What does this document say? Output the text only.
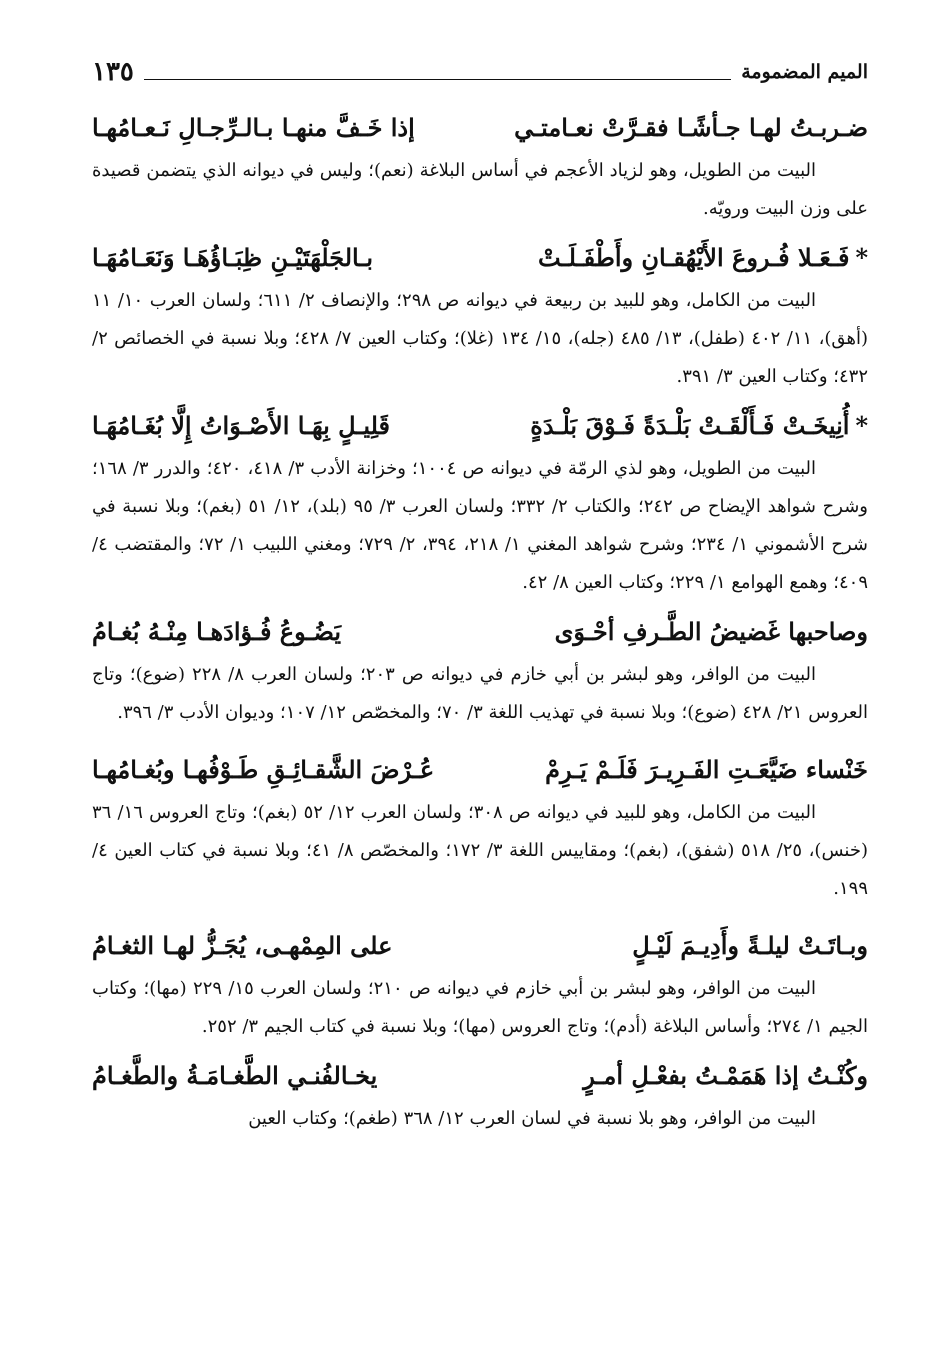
الميم المضمومة
١٣٥
ضـربـتُ لهـا جـأشًـا فقـرَّتْ نعـامتـي
إذا خَـفَّ منهـا بـالـرِّجـالِ نَـعـامُهـا

البيت من الطويل، وهو لزياد الأعجم في أساس البلاغة (نعم)؛ وليس في ديوانه الذي يتضمن قصيدة على وزن البيت ورويّه.

*
فَـعَـلا فُـروعَ الأَيْهُقـانِ وأَطْفَـلَـتْ
بـالجَلْهَتَيْـنِ ظِبَـاؤُهَـا وَنَعَـامُهَـا

البيت من الكامل، وهو للبيد بن ربيعة في ديوانه ص ٢٩٨؛ والإنصاف ٢/ ٦١١؛ ولسان العرب ١٠/ ١١ (أهق)، ١١/ ٤٠٢ (طفل)، ١٣/ ٤٨٥ (جله)، ١٥/ ١٣٤ (غلا)؛ وكتاب العين ٧/ ٤٢٨؛ وبلا نسبة في الخصائص ٢/ ٤٣٢؛ وكتاب العين ٣/ ٣٩١.

*
أُنِيخَـتْ فَـأَلْقَـتْ بَلْـدَةً فَـوْقَ بَلْـدَةٍ
قَلِيـلٍ بِهَـا الأَصْـوَاتُ إِلَّا بُغَـامُهَـا

البيت من الطويل، وهو لذي الرمّة في ديوانه ص ١٠٠٤؛ وخزانة الأدب ٣/ ٤١٨، ٤٢٠؛ والدرر ٣/ ١٦٨؛ وشرح شواهد الإيضاح ص ٢٤٢؛ والكتاب ٢/ ٣٣٢؛ ولسان العرب ٣/ ٩٥ (بلد)، ١٢/ ٥١ (بغم)؛ وبلا نسبة في شرح الأشموني ١/ ٢٣٤؛ وشرح شواهد المغني ١/ ٢١٨، ٣٩٤، ٢/ ٧٢٩؛ ومغني اللبيب ١/ ٧٢؛ والمقتضب ٤/ ٤٠٩؛ وهمع الهوامع ١/ ٢٢٩؛ وكتاب العين ٨/ ٤٢.

وصاحبها غَضيضُ الطَّـرفِ أحْـوَى
يَضُـوعُ فُـؤادَهـا مِنْـهُ بُغـامُ

البيت من الوافر، وهو لبشر بن أبي خازم في ديوانه ص ٢٠٣؛ ولسان العرب ٨/ ٢٢٨ (ضوع)؛ وتاج العروس ٢١/ ٤٢٨ (ضوع)؛ وبلا نسبة في تهذيب اللغة ٣/ ٧٠؛ والمخصّص ١٢/ ١٠٧؛ وديوان الأدب ٣/ ٣٩٦.

خَنْساء ضَيَّعَـتِ الفَـرِيـرَ فَلَـمْ يَـرِمْ
عُـرْضَ الشَّقـائِـقِ طَـوْفُهـا وبُغـامُهـا

البيت من الكامل، وهو للبيد في ديوانه ص ٣٠٨؛ ولسان العرب ١٢/ ٥٢ (بغم)؛ وتاج العروس ١٦/ ٣٦ (خنس)، ٢٥/ ٥١٨ (شفق)، (بغم)؛ ومقاييس اللغة ٣/ ١٧٢؛ والمخصّص ٨/ ٤١؛ وبلا نسبة في كتاب العين ٤/ ١٩٩.

وبـاتَـتْ ليلـةً وأَدِيـمَ لَيْـلٍ
على المِمْهـى، يُجَـزُّ لهـا الثغـامُ

البيت من الوافر، وهو لبشر بن أبي خازم في ديوانه ص ٢١٠؛ ولسان العرب ١٥/ ٢٢٩ (مها)؛ وكتاب الجيم ١/ ٢٧٤؛ وأساس البلاغة (أدم)؛ وتاج العروس (مها)؛ وبلا نسبة في كتاب الجيم ٣/ ٢٥٢.

وكُنْـتُ إذا هَمَمْـتُ بفعْـلِ أمـرٍ
يخـالفُنـي الطَّغـامَـةُ والطَّغـامُ

البيت من الوافر، وهو بلا نسبة في لسان العرب ١٢/ ٣٦٨ (طغم)؛ وكتاب العين
